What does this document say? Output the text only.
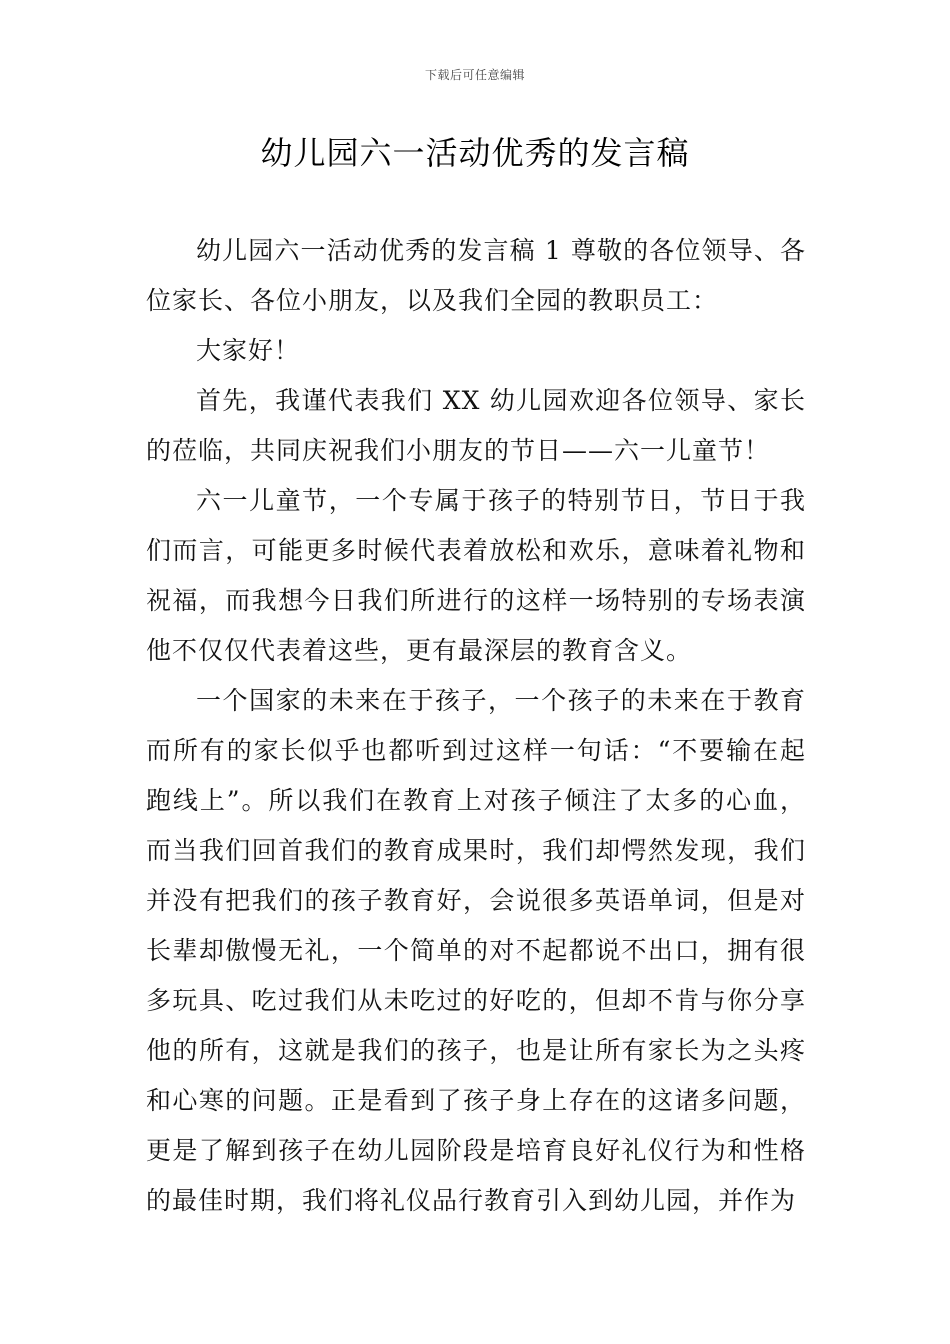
下载后可任意编辑
幼儿园六一活动优秀的发言稿

幼儿园六一活动优秀的发言稿 1 尊敬的各位领导、各位家长、各位小朋友，以及我们全园的教职员工：

大家好！

首先，我谨代表我们 XX 幼儿园欢迎各位领导、家长的莅临，共同庆祝我们小朋友的节日——六一儿童节！

六一儿童节，一个专属于孩子的特别节日，节日于我们而言，可能更多时候代表着放松和欢乐，意味着礼物和祝福，而我想今日我们所进行的这样一场特别的专场表演他不仅仅代表着这些，更有最深层的教育含义。

一个国家的未来在于孩子，一个孩子的未来在于教育而所有的家长似乎也都听到过这样一句话：“不要输在起跑线上”。所以我们在教育上对孩子倾注了太多的心血，而当我们回首我们的教育成果时，我们却愕然发现，我们并没有把我们的孩子教育好，会说很多英语单词，但是对长辈却傲慢无礼，一个简单的对不起都说不出口，拥有很多玩具、吃过我们从未吃过的好吃的，但却不肯与你分享他的所有，这就是我们的孩子，也是让所有家长为之头疼和心寒的问题。正是看到了孩子身上存在的这诸多问题，更是了解到孩子在幼儿园阶段是培育良好礼仪行为和性格的最佳时期，我们将礼仪品行教育引入到幼儿园，并作为
